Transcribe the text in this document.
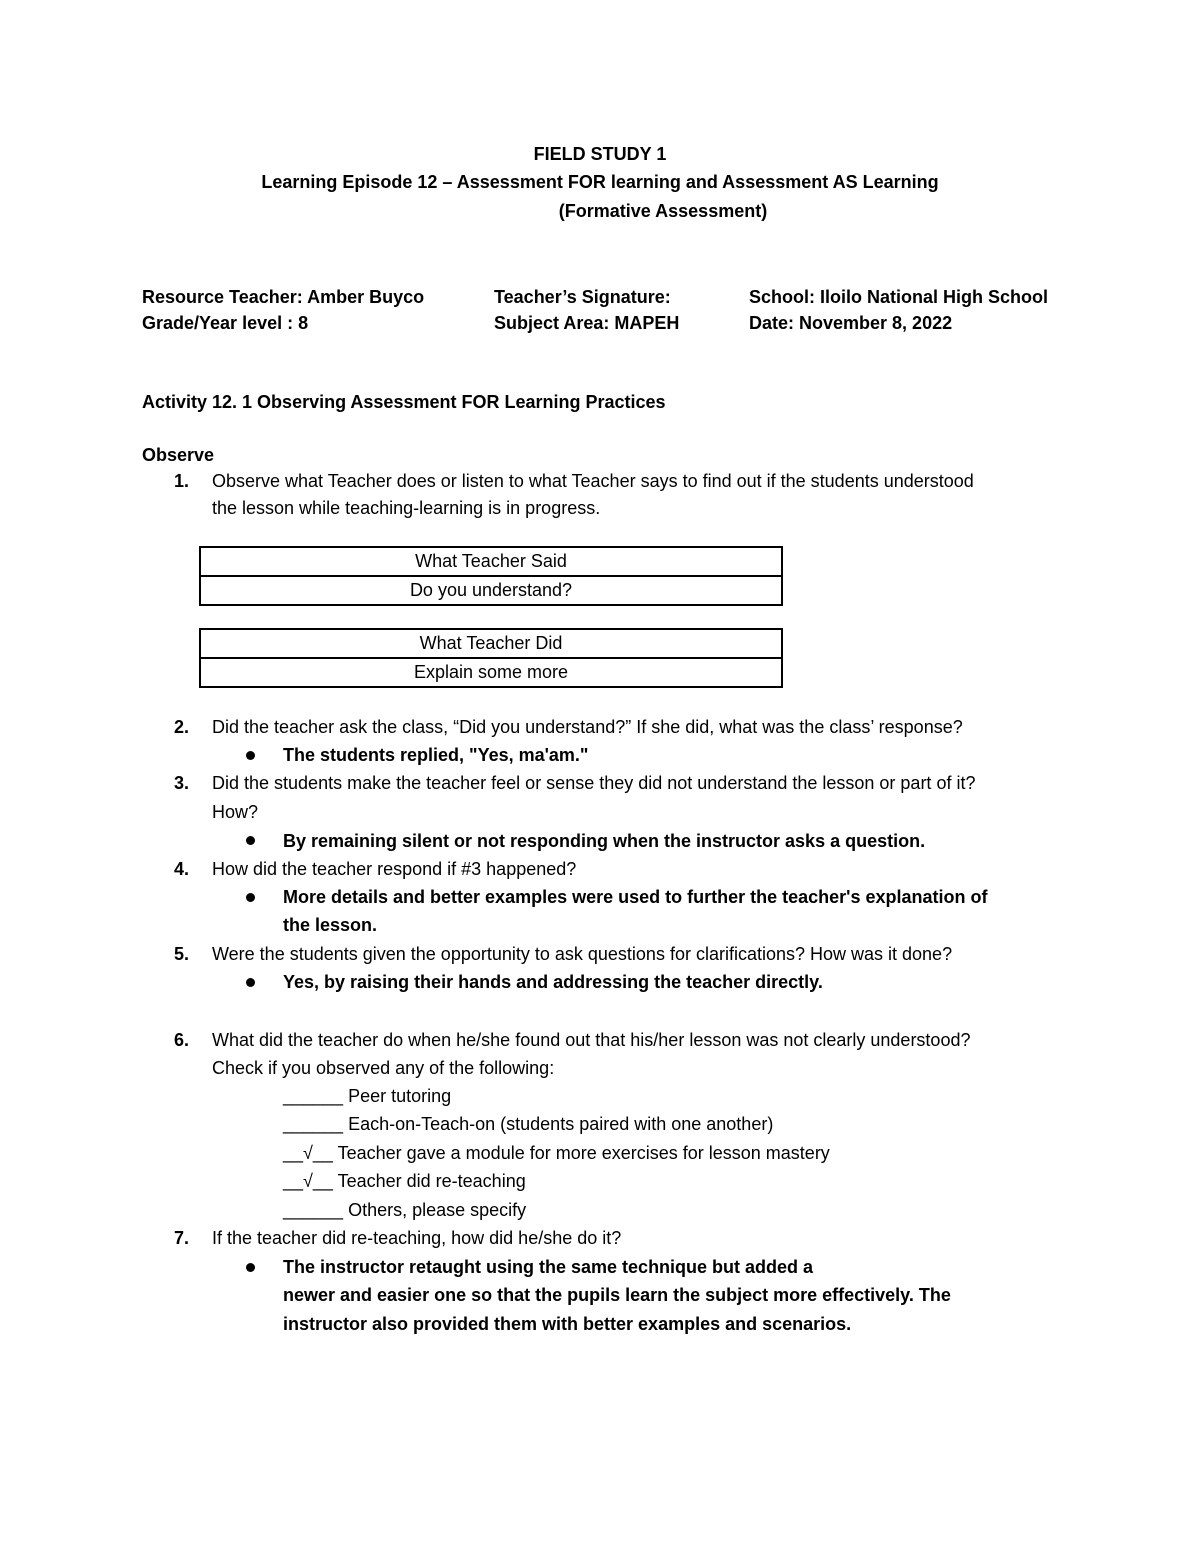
FIELD STUDY 1
Learning Episode 12 – Assessment FOR learning and Assessment AS Learning
(Formative Assessment)
Resource Teacher: Amber Buyco
Grade/Year level : 8
Teacher’s Signature:
Subject Area: MAPEH
School: Iloilo National High School
Date: November 8, 2022
Activity 12. 1 Observing Assessment FOR Learning Practices
Observe
1. Observe what Teacher does or listen to what Teacher says to find out if the students understood
the lesson while teaching-learning is in progress.
What Teacher Said
Do you understand?
What Teacher Did
Explain some more
2. Did the teacher ask the class, “Did you understand?” If she did, what was the class’ response?
The students replied, "Yes, ma'am."
3. Did the students make the teacher feel or sense they did not understand the lesson or part of it?
How?
By remaining silent or not responding when the instructor asks a question.
4. How did the teacher respond if #3 happened?
More details and better examples were used to further the teacher's explanation of
the lesson.
5. Were the students given the opportunity to ask questions for clarifications? How was it done?
Yes, by raising their hands and addressing the teacher directly.
6. What did the teacher do when he/she found out that his/her lesson was not clearly understood?
Check if you observed any of the following:
______ Peer tutoring
______ Each-on-Teach-on (students paired with one another)
__√__ Teacher gave a module for more exercises for lesson mastery
__√__ Teacher did re-teaching
______ Others, please specify
7. If the teacher did re-teaching, how did he/she do it?
The instructor retaught using the same technique but added a
newer and easier one so that the pupils learn the subject more effectively. The
instructor also provided them with better examples and scenarios.
